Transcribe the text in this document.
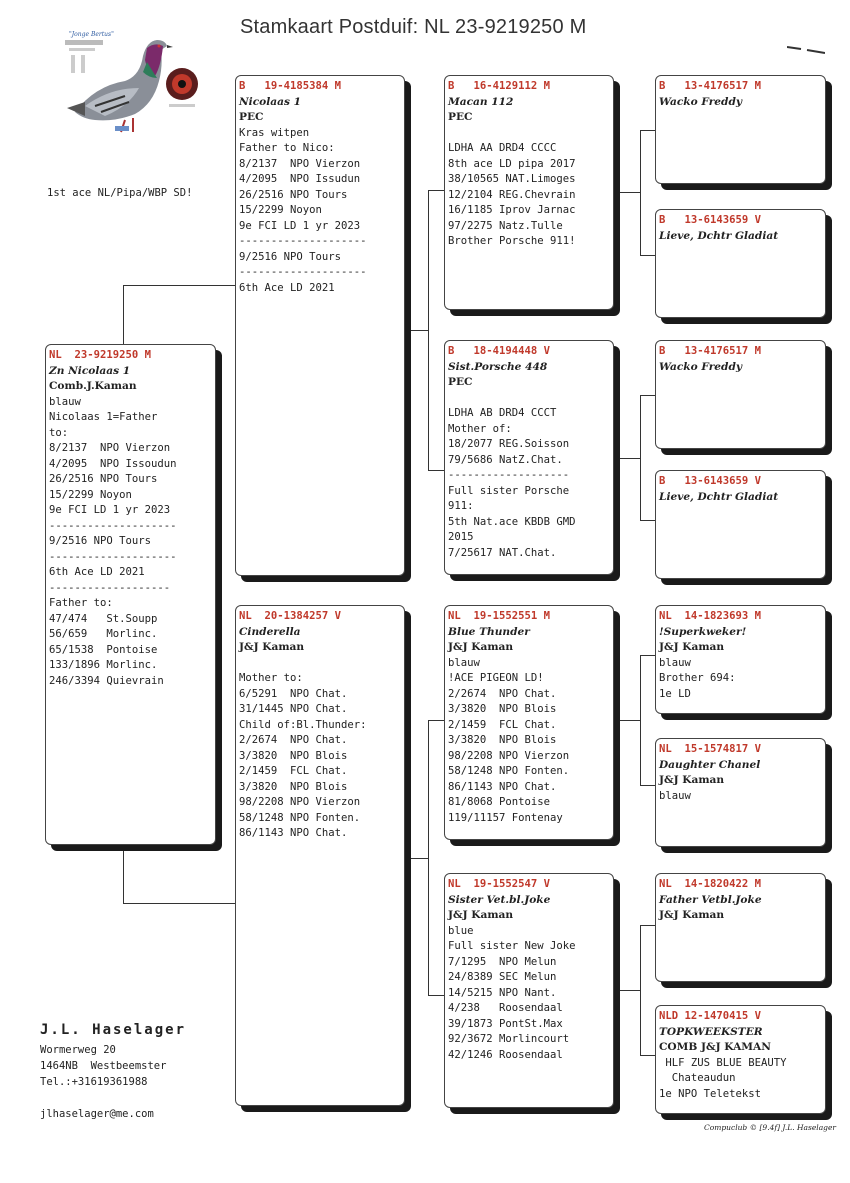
Stamkaart Postduif: NL 23-9219250 M
"Jonge Bertus"
1st ace NL/Pipa/WBP SD!
NL  23-9219250 M
Zn Nicolaas 1
Comb.J.Kaman
blauw
Nicolaas 1=Father
to:
8/2137  NPO Vierzon
4/2095  NPO Issoudun
26/2516 NPO Tours
15/2299 Noyon
9e FCI LD 1 yr 2023
--------------------
9/2516 NPO Tours
--------------------
6th Ace LD 2021
-------------------
Father to:
47/474   St.Soupp
56/659   Morlinc.
65/1538  Pontoise
133/1896 Morlinc.
246/3394 Quievrain
B   19-4185384 M
Nicolaas 1
PEC
Kras witpen
Father to Nico:
8/2137  NPO Vierzon
4/2095  NPO Issudun
26/2516 NPO Tours
15/2299 Noyon
9e FCI LD 1 yr 2023
--------------------
9/2516 NPO Tours
--------------------
6th Ace LD 2021
NL  20-1384257 V
Cinderella
J&J Kaman
Mother to:
6/5291  NPO Chat.
31/1445 NPO Chat.
Child of:Bl.Thunder:
2/2674  NPO Chat.
3/3820  NPO Blois
2/1459  FCL Chat.
3/3820  NPO Blois
98/2208 NPO Vierzon
58/1248 NPO Fonten.
86/1143 NPO Chat.
B   16-4129112 M
Macan 112
PEC
LDHA AA DRD4 CCCC
8th ace LD pipa 2017
38/10565 NAT.Limoges
12/2104 REG.Chevrain
16/1185 Iprov Jarnac
97/2275 Natz.Tulle
Brother Porsche 911!
B   18-4194448 V
Sist.Porsche 448
PEC
LDHA AB DRD4 CCCT
Mother of:
18/2077 REG.Soisson
79/5686 NatZ.Chat.
-------------------
Full sister Porsche
911:
5th Nat.ace KBDB GMD
2015
7/25617 NAT.Chat.
NL  19-1552551 M
Blue Thunder
J&J Kaman
blauw
!ACE PIGEON LD!
2/2674  NPO Chat.
3/3820  NPO Blois
2/1459  FCL Chat.
3/3820  NPO Blois
98/2208 NPO Vierzon
58/1248 NPO Fonten.
86/1143 NPO Chat.
81/8068 Pontoise
119/11157 Fontenay
NL  19-1552547 V
Sister Vet.bl.Joke
J&J Kaman
blue
Full sister New Joke
7/1295  NPO Melun
24/8389 SEC Melun
14/5215 NPO Nant.
4/238   Roosendaal
39/1873 PontSt.Max
92/3672 Morlincourt
42/1246 Roosendaal
B   13-4176517 M
Wacko Freddy
B   13-6143659 V
Lieve, Dchtr Gladiat
B   13-4176517 M
Wacko Freddy
B   13-6143659 V
Lieve, Dchtr Gladiat
NL  14-1823693 M
!Superkweker!
J&J Kaman
blauw
Brother 694:
1e LD
NL  15-1574817 V
Daughter Chanel
J&J Kaman
blauw
NL  14-1820422 M
Father Vetbl.Joke
J&J Kaman
NLD 12-1470415 V
TOPKWEEKSTER
COMB J&J KAMAN
HLF ZUS BLUE BEAUTY
Chateaudun
1e NPO Teletekst
J.L. Haselager
Wormerweg 20
1464NB  Westbeemster
Tel.:+31619361988
jlhaselager@me.com
Compuclub © [9.4f] J.L. Haselager
